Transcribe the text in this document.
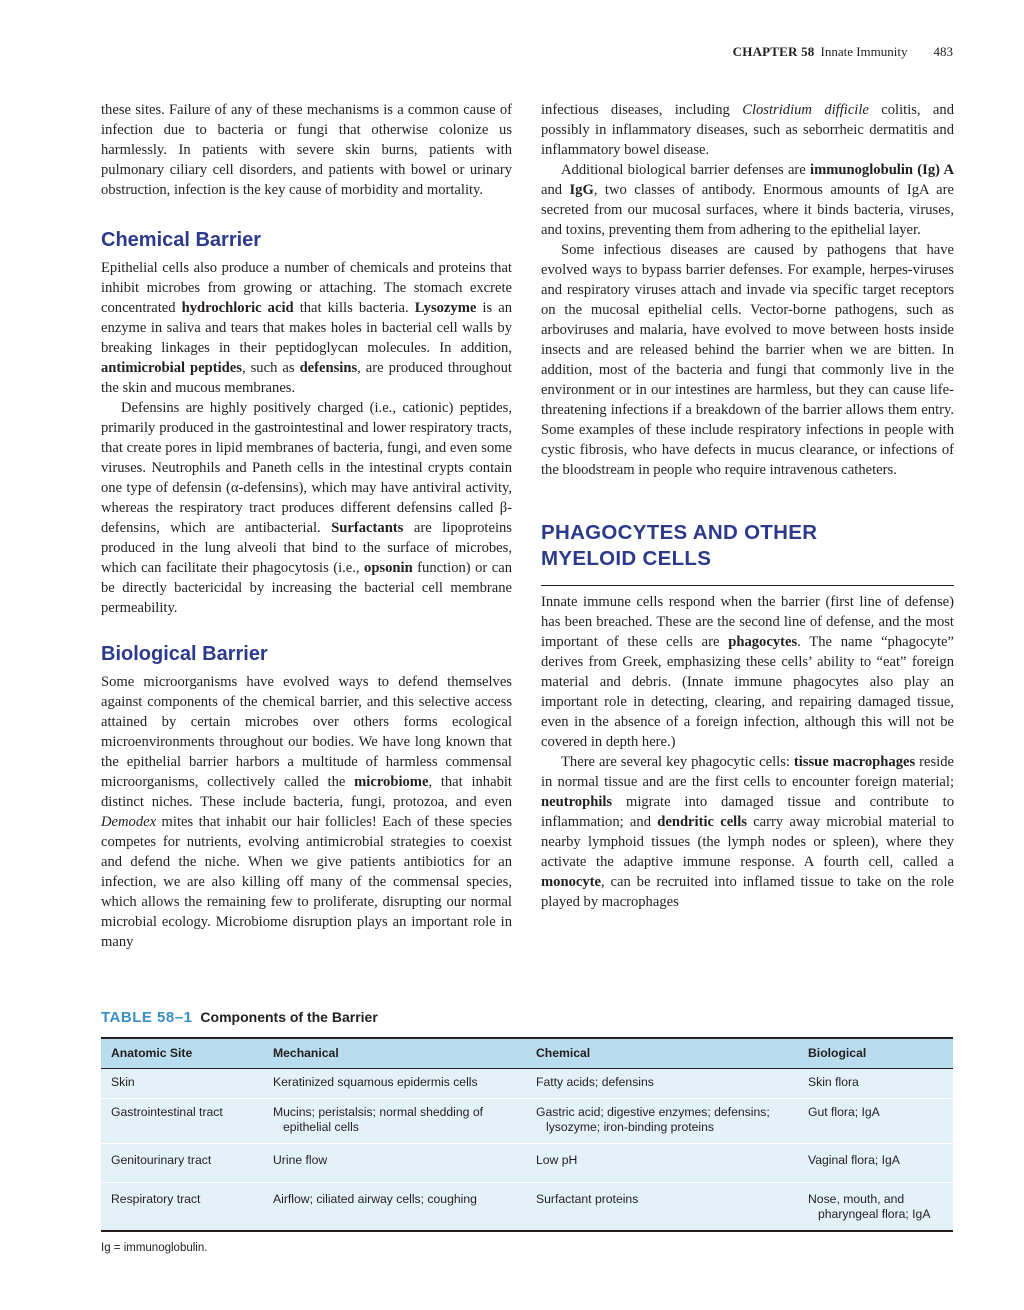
CHAPTER 58 Innate Immunity 483

these sites. Failure of any of these mechanisms is a common cause of infection due to bacteria or fungi that otherwise colonize us harmlessly. In patients with severe skin burns, patients with pulmonary ciliary cell disorders, and patients with bowel or urinary obstruction, infection is the key cause of morbidity and mortality.

Chemical Barrier

Epithelial cells also produce a number of chemicals and proteins that inhibit microbes from growing or attaching. The stomach excrete concentrated hydrochloric acid that kills bacteria. Lysozyme is an enzyme in saliva and tears that makes holes in bacterial cell walls by breaking linkages in their peptidoglycan molecules. In addition, antimicrobial peptides, such as defensins, are produced throughout the skin and mucous membranes.

Defensins are highly positively charged (i.e., cationic) peptides, primarily produced in the gastrointestinal and lower respiratory tracts, that create pores in lipid membranes of bacteria, fungi, and even some viruses. Neutrophils and Paneth cells in the intestinal crypts contain one type of defensin (α-defensins), which may have antiviral activity, whereas the respiratory tract produces different defensins called β-defensins, which are antibacterial. Surfactants are lipoproteins produced in the lung alveoli that bind to the surface of microbes, which can facilitate their phagocytosis (i.e., opsonin function) or can be directly bactericidal by increasing the bacterial cell membrane permeability.

Biological Barrier

Some microorganisms have evolved ways to defend themselves against components of the chemical barrier, and this selective access attained by certain microbes over others forms ecological microenvironments throughout our bodies. We have long known that the epithelial barrier harbors a multitude of harmless commensal microorganisms, collectively called the microbiome, that inhabit distinct niches. These include bacteria, fungi, protozoa, and even Demodex mites that inhabit our hair follicles! Each of these species competes for nutrients, evolving antimicrobial strategies to coexist and defend the niche. When we give patients antibiotics for an infection, we are also killing off many of the commensal species, which allows the remaining few to proliferate, disrupting our normal microbial ecology. Microbiome disruption plays an important role in many

infectious diseases, including Clostridium difficile colitis, and possibly in inflammatory diseases, such as seborrheic dermatitis and inflammatory bowel disease.

Additional biological barrier defenses are immunoglobulin (Ig) A and IgG, two classes of antibody. Enormous amounts of IgA are secreted from our mucosal surfaces, where it binds bacteria, viruses, and toxins, preventing them from adhering to the epithelial layer.

Some infectious diseases are caused by pathogens that have evolved ways to bypass barrier defenses. For example, herpes-viruses and respiratory viruses attach and invade via specific target receptors on the mucosal epithelial cells. Vector-borne pathogens, such as arboviruses and malaria, have evolved to move between hosts inside insects and are released behind the barrier when we are bitten. In addition, most of the bacteria and fungi that commonly live in the environment or in our intestines are harmless, but they can cause life-threatening infections if a breakdown of the barrier allows them entry. Some examples of these include respiratory infections in people with cystic fibrosis, who have defects in mucus clearance, or infections of the bloodstream in people who require intravenous catheters.

PHAGOCYTES AND OTHER
MYELOID CELLS

Innate immune cells respond when the barrier (first line of defense) has been breached. These are the second line of defense, and the most important of these cells are phagocytes. The name “phagocyte” derives from Greek, emphasizing these cells’ ability to “eat” foreign material and debris. (Innate immune phagocytes also play an important role in detecting, clearing, and repairing damaged tissue, even in the absence of a foreign infection, although this will not be covered in depth here.)

There are several key phagocytic cells: tissue macrophages reside in normal tissue and are the first cells to encounter foreign material; neutrophils migrate into damaged tissue and contribute to inflammation; and dendritic cells carry away microbial material to nearby lymphoid tissues (the lymph nodes or spleen), where they activate the adaptive immune response. A fourth cell, called a monocyte, can be recruited into inflamed tissue to take on the role played by macrophages

TABLE 58–1 Components of the Barrier
Anatomic Site	Mechanical	Chemical	Biological

Skin	Keratinized squamous epidermis cells	Fatty acids; defensins	Skin flora

Gastrointestinal tract	Mucins; peristalsis; normal shedding of epithelial cells	Gastric acid; digestive enzymes; defensins; lysozyme; iron-binding proteins	Gut flora; IgA

Genitourinary tract	Urine flow	Low pH	Vaginal flora; IgA

Respiratory tract	Airflow; ciliated airway cells; coughing	Surfactant proteins	Nose, mouth, and pharyngeal flora; IgA
Ig = immunoglobulin.
